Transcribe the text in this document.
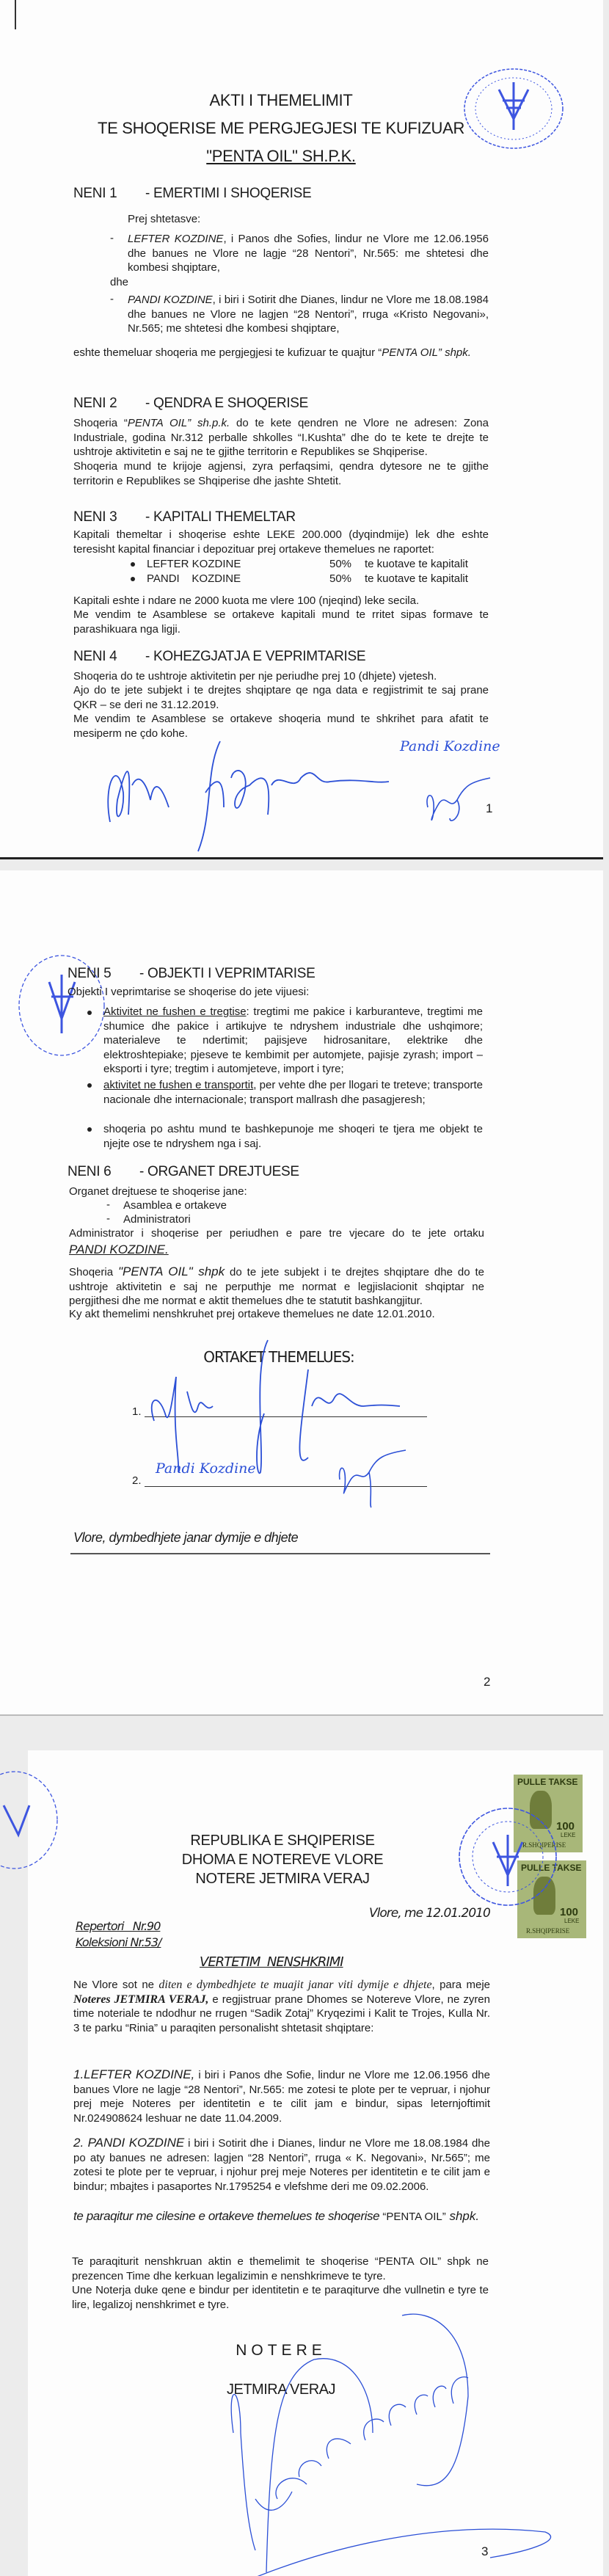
AKTI I THEMELIMIT
TE SHOQERISE ME PERGJEGJESI TE KUFIZUAR
"PENTA OIL" SH.P.K.
NENI 1 - EMERTIMI I SHOQERISE
Prej shtetasve:
- LEFTER KOZDINE, i Panos dhe Sofies, lindur ne Vlore me 12.06.1956 dhe banues ne Vlore ne lagje “28 Nentori”, Nr.565: me shtetesi dhe kombesi shqiptare,
dhe
- PANDI KOZDINE, i biri i Sotirit dhe Dianes, lindur ne Vlore me 18.08.1984 dhe banues ne Vlore ne lagjen “28 Nentori”, rruga «Kristo Negovani», Nr.565; me shtetesi dhe kombesi shqiptare,
eshte themeluar shoqeria me pergjegjesi te kufizuar te quajtur “PENTA OIL” shpk.
NENI 2 - QENDRA E SHOQERISE
Shoqeria “PENTA OIL” sh.p.k. do te kete qendren ne Vlore ne adresen: Zona Industriale, godina Nr.312 perballe shkolles “I.Kushta” dhe do te kete te drejte te ushtroje aktivitetin e saj ne te gjithe territorin e Republikes se Shqiperise.
Shoqeria mund te krijoje agjensi, zyra perfaqsimi, qendra dytesore ne te gjithe territorin e Republikes se Shqiperise dhe jashte Shtetit.
NENI 3 - KAPITALI THEMELTAR
Kapitali themeltar i shoqerise eshte LEKE 200.000 (dyqindmije) lek dhe eshte teresisht kapital financiar i depozituar prej ortakeve themelues ne raportet:
LEFTER KOZDINE	50% te kuotave te kapitalit
PANDI    KOZDINE	50% te kuotave te kapitalit
Kapitali eshte i ndare ne 2000 kuota me vlere 100 (njeqind) leke secila.
Me vendim te Asamblese se ortakeve kapitali mund te rritet sipas formave te parashikuara nga ligji.
NENI 4 - KOHEZGJATJA E VEPRIMTARISE
Shoqeria do te ushtroje aktivitetin per nje periudhe prej 10 (dhjete) vjetesh.
Ajo do te jete subjekt i te drejtes shqiptare qe nga data e regjistrimit te saj prane QKR – se deri ne 31.12.2019.
Me vendim te Asamblese se ortakeve shoqeria mund te shkrihet para afatit te mesiperm ne çdo kohe.
Pandi Kozdine
1
NENI 5 - OBJEKTI I VEPRIMTARISE
Objekti I veprimtarise se shoqerise do jete vijuesi:
Aktivitet ne fushen e tregtise: tregtimi me pakice i karburanteve, tregtimi me shumice dhe pakice i artikujve te ndryshem industriale dhe ushqimore; materialeve te ndertimit; pajisjeve hidrosanitare, elektrike dhe elektroshtepiake; pjeseve te kembimit per automjete, pajisje zyrash; import – eksporti i tyre; tregtim i automjeteve, import i tyre;
aktivitet ne fushen e transportit, per vehte dhe per llogari te treteve; transporte nacionale dhe internacionale; transport mallrash dhe pasagjeresh;
shoqeria po ashtu mund te bashkepunoje me shoqeri te tjera me objekt te njejte ose te ndryshem nga i saj.
NENI 6 - ORGANET DREJTUESE
Organet drejtuese te shoqerise jane:
- Asamblea e ortakeve
- Administratori
Administrator i shoqerise per periudhen e pare tre vjecare do te jete ortaku
PANDI KOZDINE.
Shoqeria "PENTA OIL" shpk do te jete subjekt i te drejtes shqiptare dhe do te ushtroje aktivitetin e saj ne perputhje me normat e legjislacionit shqiptar ne pergjithesi dhe me normat e aktit themelues dhe te statutit bashkangjitur.
Ky akt themelimi nenshkruhet prej ortakeve themelues ne date 12.01.2010.
ORTAKET THEMELUES:
1.
2.
Pandi Kozdine
Vlore, dymbedhjete janar dymije e dhjete
2
REPUBLIKA E SHQIPERISE
DHOMA E NOTEREVE VLORE
NOTERE JETMIRA VERAJ
PULLE TAKSE
100
LEKE
R.SHQIPERISE
PULLE TAKSE
100
LEKE
R.SHQIPERISE
Vlore, me 12.01.2010
Repertori   Nr.90
Koleksioni Nr.53/
VERTETIM  NENSHKRIMI
Ne Vlore sot ne diten e dymbedhjete te muajit janar viti dymije e dhjete, para meje Noteres JETMIRA VERAJ, e regjistruar prane Dhomes se Notereve Vlore, ne zyren time noteriale te ndodhur ne rrugen “Sadik Zotaj” Kryqezimi i Kalit te Trojes, Kulla Nr. 3 te parku “Rinia” u paraqiten personalisht shtetasit shqiptare:
1.LEFTER KOZDINE, i biri i Panos dhe Sofie, lindur ne Vlore me 12.06.1956 dhe banues Vlore ne lagje “28 Nentori”, Nr.565: me zotesi te plote per te vepruar, i njohur prej meje Noteres per identitetin e te cilit jam e bindur, sipas leternjoftimit Nr.024908624 leshuar ne date 11.04.2009.
2. PANDI KOZDINE i biri i Sotirit dhe i Dianes, lindur ne Vlore me 18.08.1984 dhe po aty banues ne adresen: lagjen “28 Nentori”, rruga « K. Negovani», Nr.565”; me zotesi te plote per te vepruar, i njohur prej meje Noteres per identitetin e te cilit jam e bindur; mbajtes i pasaportes Nr.1795254 e vlefshme deri me 09.02.2006.
te paraqitur me cilesine e ortakeve themelues te shoqerise “PENTA OIL” shpk.
Te paraqiturit nenshkruan aktin e themelimit te shoqerise “PENTA OIL” shpk ne prezencen Time dhe kerkuan legalizimin e nenshkrimeve te tyre.
Une Noterja duke qene e bindur per identitetin e te paraqiturve dhe vullnetin e tyre te lire, legalizoj nenshkrimet e tyre.
NOTERE
JETMIRA VERAJ
3
